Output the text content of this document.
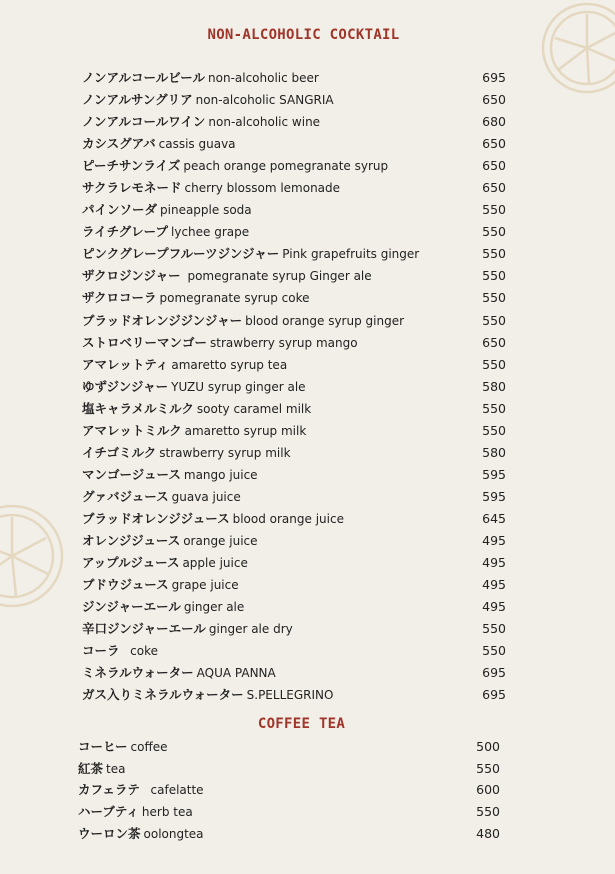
NON-ALCOHOLIC COCKTAIL
ノンアルコールビール non-alcoholic beer	695
ノンアルサングリア non-alcoholic SANGRIA	650
ノンアルコールワイン non-alcoholic wine	680
カシスグアバ cassis guava	650
ピーチサンライズ peach orange pomegranate syrup	650
サクラレモネード cherry blossom lemonade	650
パインソーダ pineapple soda	550
ライチグレープ lychee grape	550
ピンクグレープフルーツジンジャー Pink grapefruits ginger	550
ザクロジンジャー pomegranate syrup Ginger ale	550
ザクロコーラ pomegranate syrup coke	550
ブラッドオレンジジンジャー blood orange syrup ginger	550
ストロベリーマンゴー strawberry syrup mango	650
アマレットティ amaretto syrup tea	550
ゆずジンジャー YUZU syrup ginger ale	580
塩キャラメルミルク sooty caramel milk	550
アマレットミルク amaretto syrup milk	550
イチゴミルク strawberry syrup milk	580
マンゴージュース mango juice	595
グァバジュース guava juice	595
ブラッドオレンジジュース blood orange juice	645
オレンジジュース orange juice	495
アップルジュース apple juice	495
ブドウジュース grape juice	495
ジンジャーエール ginger ale	495
辛口ジンジャーエール ginger ale dry	550
コーラ  coke	550
ミネラルウォーター AQUA PANNA	695
ガス入りミネラルウォーター S.PELLEGRINO	695
COFFEE TEA
コーヒー coffee	500
紅茶 tea	550
カフェラテ  cafelatte	600
ハーブティ herb tea	550
ウーロン茶 oolongtea	480
